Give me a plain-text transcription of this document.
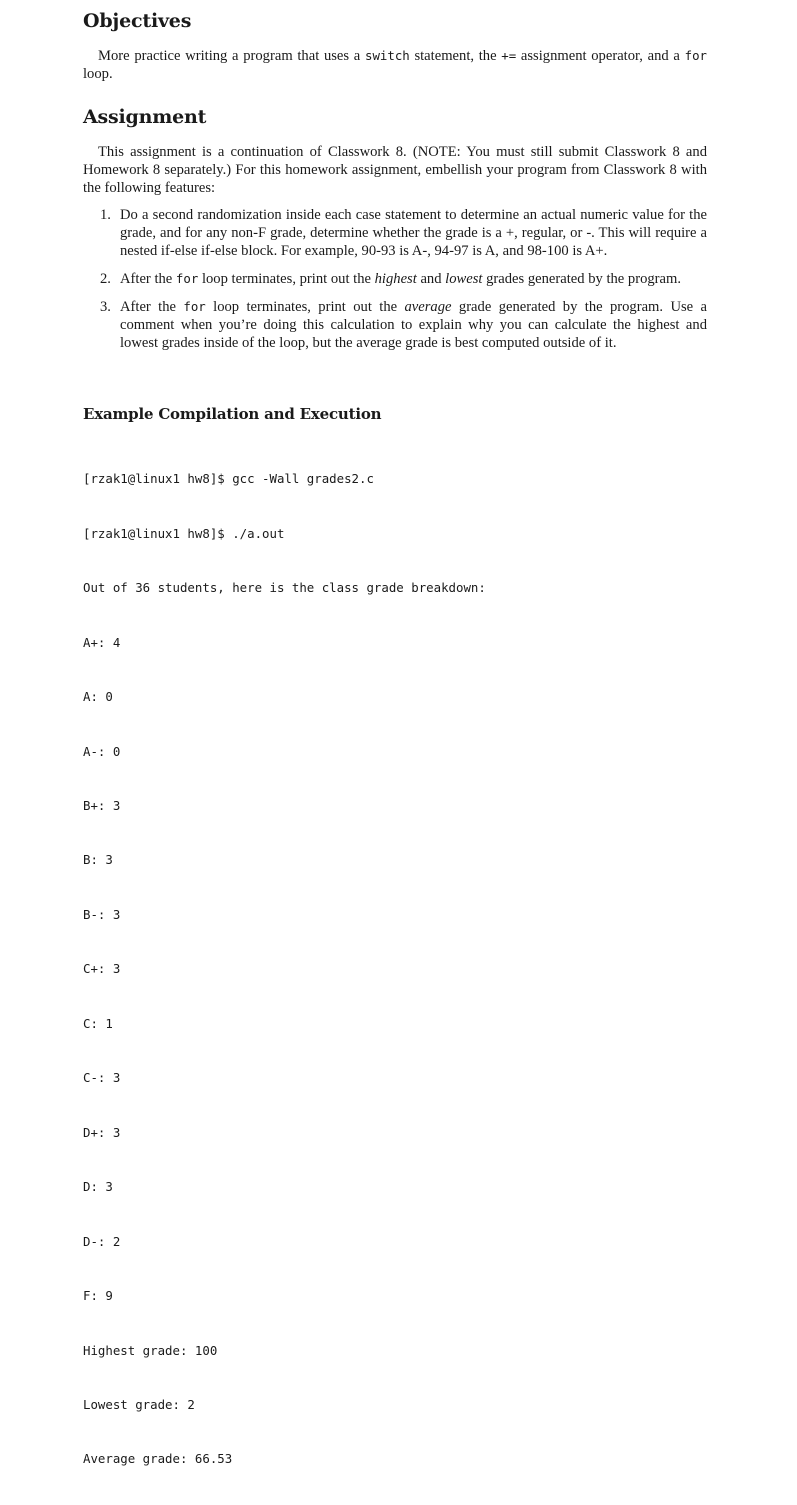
Objectives

More practice writing a program that uses a switch statement, the += assignment operator, and a for loop.

Assignment

This assignment is a continuation of Classwork 8. (NOTE: You must still submit Classwork 8 and Homework 8 separately.) For this homework assignment, embellish your program from Classwork 8 with the following features:

1. Do a second randomization inside each case statement to determine an actual numeric value for the grade, and for any non-F grade, determine whether the grade is a +, regular, or -. This will require a nested if-else if-else block. For example, 90-93 is A-, 94-97 is A, and 98-100 is A+.
2. After the for loop terminates, print out the highest and lowest grades generated by the program.
3. After the for loop terminates, print out the average grade generated by the program. Use a comment when you’re doing this calculation to explain why you can calculate the highest and lowest grades inside of the loop, but the average grade is best computed outside of it.
Example Compilation and Execution

[rzak1@linux1 hw8]$ gcc -Wall grades2.c

[rzak1@linux1 hw8]$ ./a.out

Out of 36 students, here is the class grade breakdown:

A+: 4

A: 0

A-: 0

B+: 3

B: 3

B-: 3

C+: 3

C: 1

C-: 3

D+: 3

D: 3

D-: 2

F: 9

Highest grade: 100

Lowest grade: 2

Average grade: 66.53
